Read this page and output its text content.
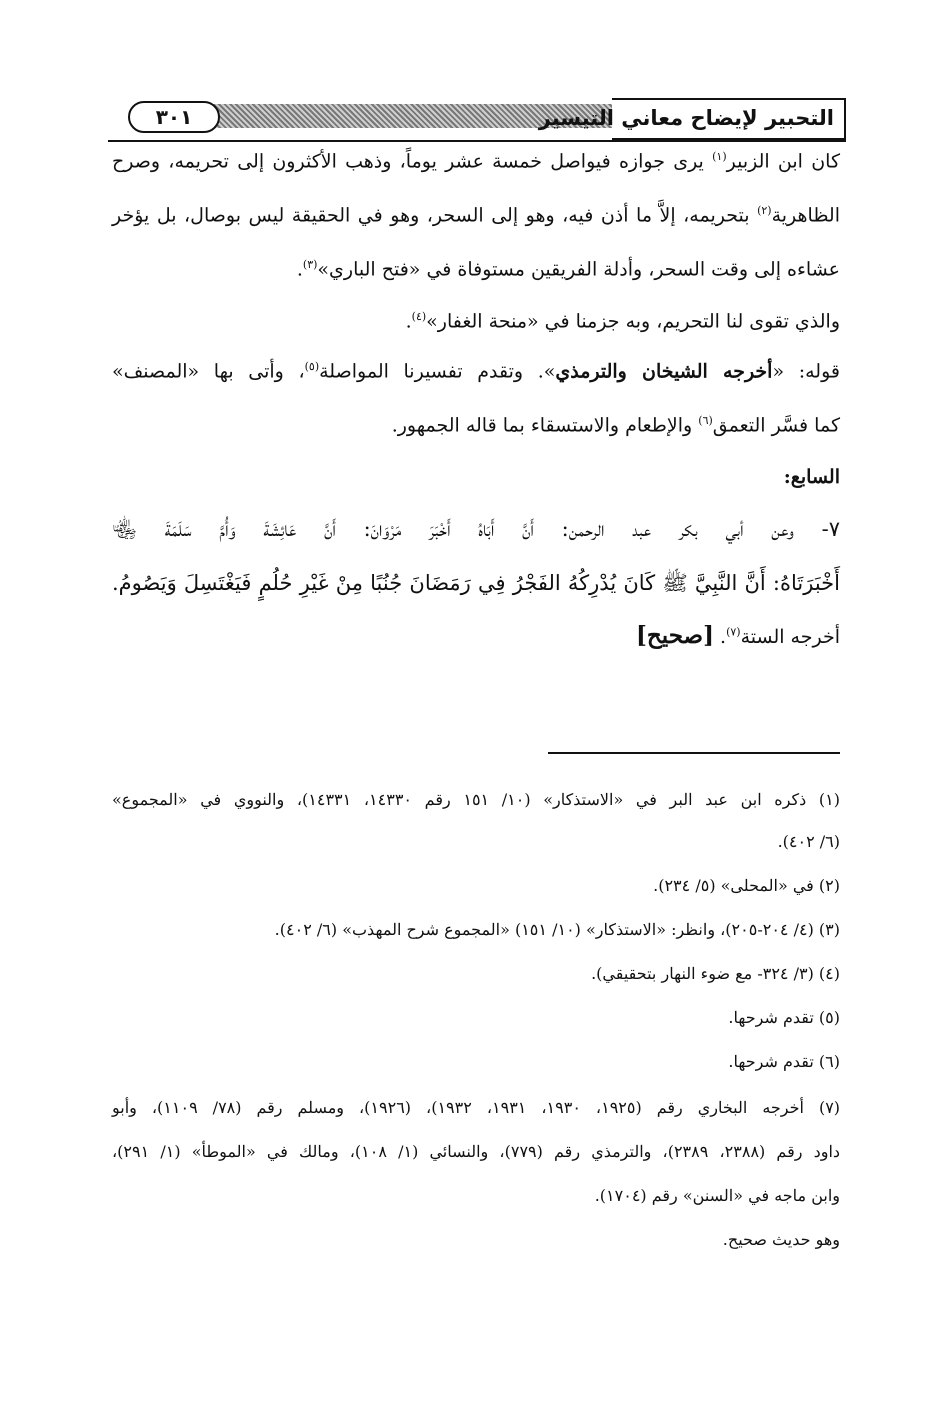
التحبير لإيضاح معاني التيسير
٣٠١
كان ابن الزبير$^{(١)}$ يرى جوازه فيواصل خمسة عشر يوماً، وذهب الأكثرون إلى تحريمه، وصرح
الظاهرية$^{(٢)}$ بتحريمه، إلاَّ ما أذن فيه، وهو إلى السحر، وهو في الحقيقة ليس بوصال، بل يؤخر
عشاءه إلى وقت السحر، وأدلة الفريقين مستوفاة في «فتح الباري»$^{(٣)}$.
والذي تقوى لنا التحريم، وبه جزمنا في «منحة الغفار»$^{(٤)}$.
قوله: «أخرجه الشيخان والترمذي». وتقدم تفسيرنا المواصلة$^{(٥)}$، وأتى بها «المصنف»
كما فسَّر التعمق$^{(٦)}$ والإطعام والاستسقاء بما قاله الجمهور.
السابع:
٧- وعن أبي بكر عبد الرحمن: أَنَّ أَبَاهُ أَخْبَرَ مَرْوَانَ: أَنَّ عَائِشَةَ وَأُمَّ سَلَمَةَ ﵄
أَخْبَرَتَاهُ: أَنَّ النَّبِيَّ ﷺ كَانَ يُدْرِكُهُ الفَجْرُ فِي رَمَضَانَ جُنُبًا مِنْ غَيْرِ حُلُمٍ فَيَغْتَسِلَ وَيَصُومُ.
أخرجه الستة$^{(٧)}$. [صحيح]
(١) ذكره ابن عبد البر في «الاستذكار» (١٠/ ١٥١ رقم ١٤٣٣٠، ١٤٣٣١)، والنووي في «المجموع»
(٦/ ٤٠٢).
(٢) في «المحلى» (٥/ ٢٣٤).
(٣) (٤/ ٢٠٤-٢٠٥)، وانظر: «الاستذكار» (١٠/ ١٥١) «المجموع شرح المهذب» (٦/ ٤٠٢).
(٤) (٣/ ٣٢٤- مع ضوء النهار بتحقيقي).
(٥) تقدم شرحها.
(٦) تقدم شرحها.
(٧) أخرجه البخاري رقم (١٩٢٥، ١٩٣٠، ١٩٣١، ١٩٣٢)، (١٩٢٦)، ومسلم رقم (٧٨/ ١١٠٩)، وأبو
داود رقم (٢٣٨٨، ٢٣٨٩)، والترمذي رقم (٧٧٩)، والنسائي (١/ ١٠٨)، ومالك في «الموطأ» (١/ ٢٩١)،
وابن ماجه في «السنن» رقم (١٧٠٤).
وهو حديث صحيح.
